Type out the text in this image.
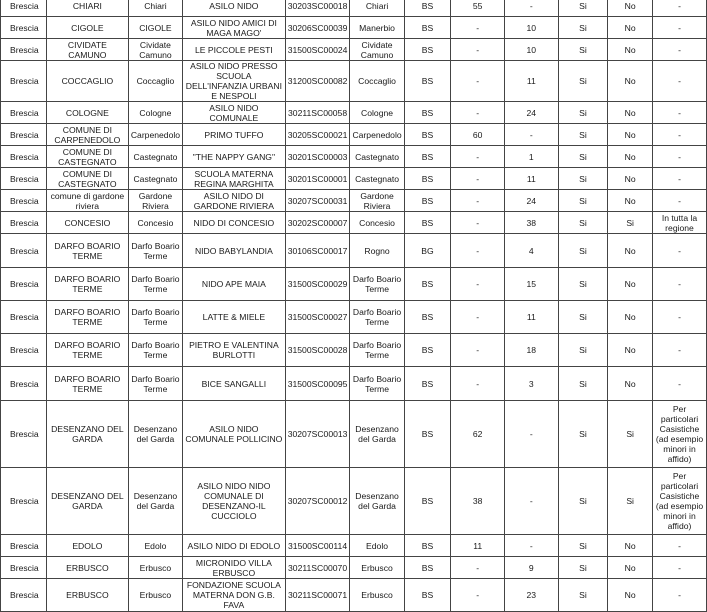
Brescia	CHIARI	Chiari	ASILO NIDO	30203SC00018	Chiari	BS	55	-	Si	No	-
Brescia	CIGOLE	CIGOLE	ASILO NIDO AMICI DI MAGA MAGO'	30206SC00039	Manerbio	BS	-	10	Si	No	-
Brescia	CIVIDATE CAMUNO	Cividate Camuno	LE PICCOLE PESTI	31500SC00024	Cividate Camuno	BS	-	10	Si	No	-
Brescia	COCCAGLIO	Coccaglio	ASILO NIDO PRESSO SCUOLA DELL'INFANZIA URBANI E NESPOLI	31200SC00082	Coccaglio	BS	-	11	Si	No	-
Brescia	COLOGNE	Cologne	ASILO NIDO COMUNALE	30211SC00058	Cologne	BS	-	24	Si	No	-
Brescia	COMUNE DI CARPENEDOLO	Carpenedolo	PRIMO TUFFO	30205SC00021	Carpenedolo	BS	60	-	Si	No	-
Brescia	COMUNE DI CASTEGNATO	Castegnato	"THE NAPPY GANG"	30201SC00003	Castegnato	BS	-	1	Si	No	-
Brescia	COMUNE DI CASTEGNATO	Castegnato	SCUOLA MATERNA REGINA MARGHITA	30201SC00001	Castegnato	BS	-	11	Si	No	-
Brescia	comune di gardone riviera	Gardone Riviera	ASILO NIDO DI GARDONE RIVIERA	30207SC00031	Gardone Riviera	BS	-	24	Si	No	-
Brescia	CONCESIO	Concesio	NIDO DI CONCESIO	30202SC00007	Concesio	BS	-	38	Si	Si	In tutta la regione
Brescia	DARFO BOARIO TERME	Darfo Boario Terme	NIDO BABYLANDIA	30106SC00017	Rogno	BG	-	4	Si	No	-
Brescia	DARFO BOARIO TERME	Darfo Boario Terme	NIDO APE MAIA	31500SC00029	Darfo Boario Terme	BS	-	15	Si	No	-
Brescia	DARFO BOARIO TERME	Darfo Boario Terme	LATTE & MIELE	31500SC00027	Darfo Boario Terme	BS	-	11	Si	No	-
Brescia	DARFO BOARIO TERME	Darfo Boario Terme	PIETRO E VALENTINA BURLOTTI	31500SC00028	Darfo Boario Terme	BS	-	18	Si	No	-
Brescia	DARFO BOARIO TERME	Darfo Boario Terme	BICE SANGALLI	31500SC00095	Darfo Boario Terme	BS	-	3	Si	No	-
Brescia	DESENZANO DEL GARDA	Desenzano del Garda	ASILO NIDO COMUNALE POLLICINO	30207SC00013	Desenzano del Garda	BS	62	-	Si	Si	Per particolari Casistiche (ad esempio minori in affido)
Brescia	DESENZANO DEL GARDA	Desenzano del Garda	ASILO NIDO NIDO COMUNALE DI DESENZANO-IL CUCCIOLO	30207SC00012	Desenzano del Garda	BS	38	-	Si	Si	Per particolari Casistiche (ad esempio minori in affido)
Brescia	EDOLO	Edolo	ASILO NIDO DI EDOLO	31500SC00114	Edolo	BS	11	-	Si	No	-
Brescia	ERBUSCO	Erbusco	MICRONIDO VILLA ERBUSCO	30211SC00070	Erbusco	BS	-	9	Si	No	-
Brescia	ERBUSCO	Erbusco	FONDAZIONE SCUOLA MATERNA DON G.B. FAVA	30211SC00071	Erbusco	BS	-	23	Si	No	-
